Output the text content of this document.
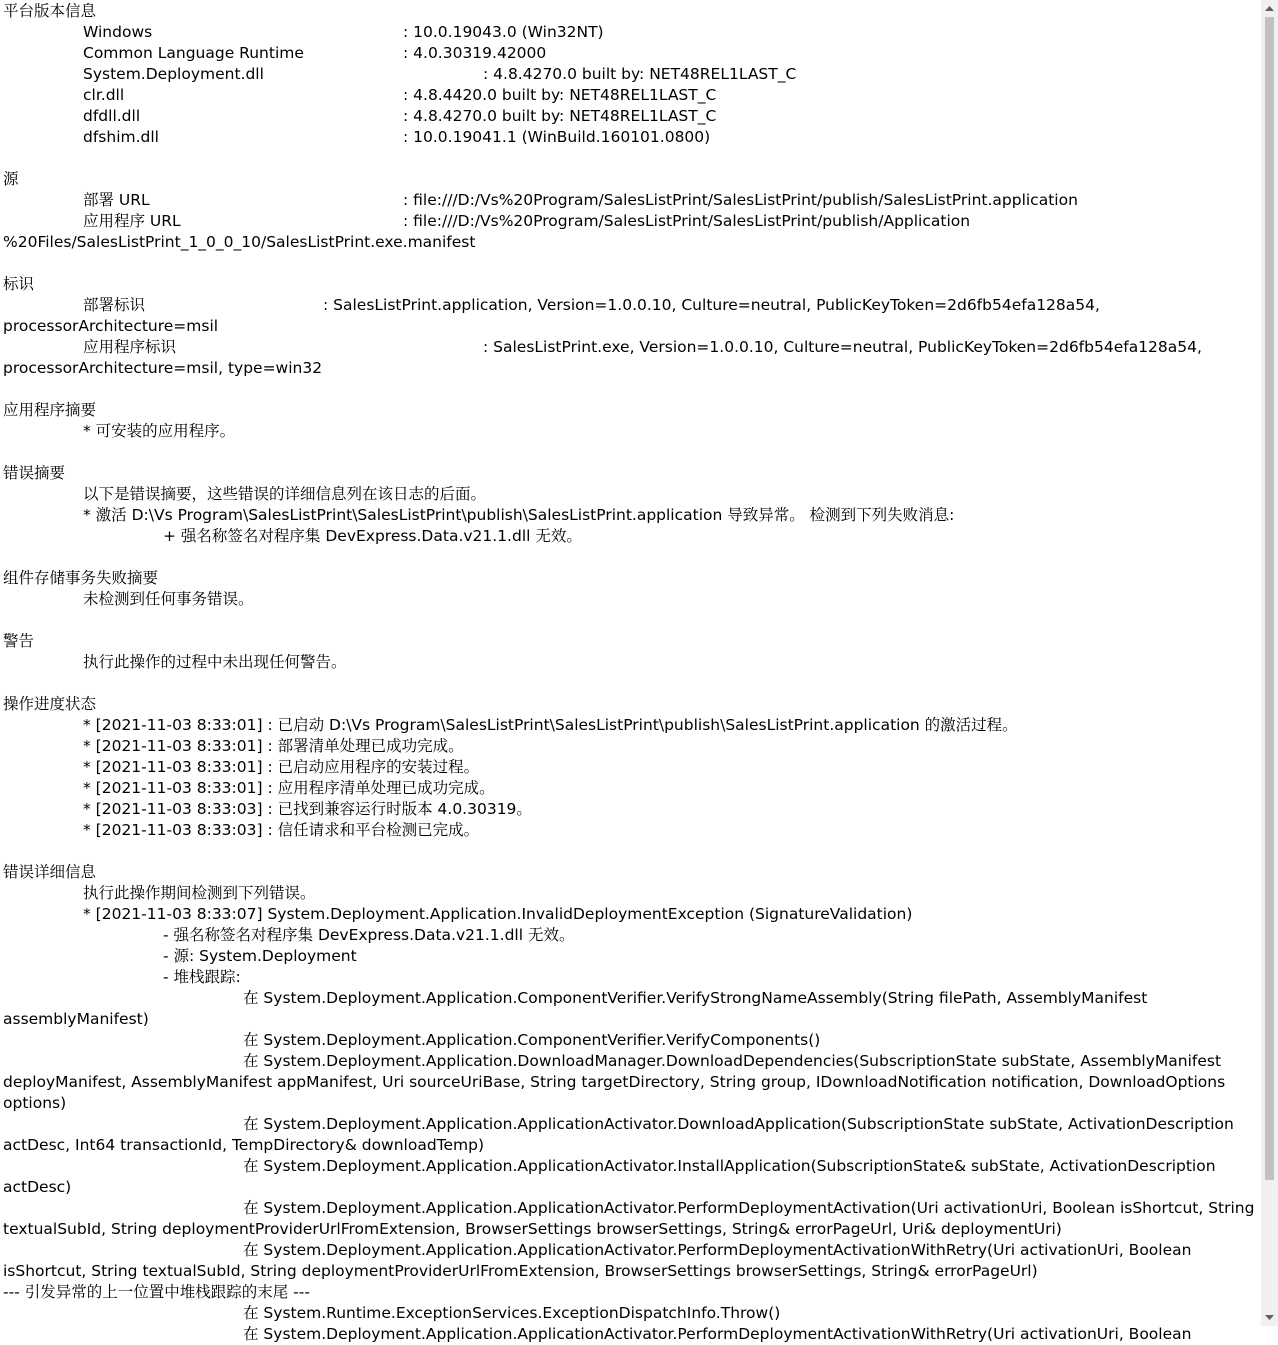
平台版本信息
	Windows				: 10.0.19043.0 (Win32NT)
	Common Language Runtime		: 4.0.30319.42000
	System.Deployment.dll			: 4.8.4270.0 built by: NET48REL1LAST_C
	clr.dll				: 4.8.4420.0 built by: NET48REL1LAST_C
	dfdll.dll				: 4.8.4270.0 built by: NET48REL1LAST_C
	dfshim.dll				: 10.0.19041.1 (WinBuild.160101.0800)
源
	部署 URL				: file:///D:/Vs%20Program/SalesListPrint/SalesListPrint/publish/SalesListPrint.application
	应用程序 URL			: file:///D:/Vs%20Program/SalesListPrint/SalesListPrint/publish/Application %20Files/SalesListPrint_1_0_0_10/SalesListPrint.exe.manifest
标识
	部署标识			: SalesListPrint.application, Version=1.0.0.10, Culture=neutral, PublicKeyToken=2d6fb54efa128a54, processorArchitecture=msil
	应用程序标识				: SalesListPrint.exe, Version=1.0.0.10, Culture=neutral, PublicKeyToken=2d6fb54efa128a54, processorArchitecture=msil, type=win32
应用程序摘要
	* 可安装的应用程序。
错误摘要
	以下是错误摘要，这些错误的详细信息列在该日志的后面。
	* 激活 D:\Vs Program\SalesListPrint\SalesListPrint\publish\SalesListPrint.application 导致异常。 检测到下列失败消息:
		+ 强名称签名对程序集 DevExpress.Data.v21.1.dll 无效。
组件存储事务失败摘要
	未检测到任何事务错误。
警告
	执行此操作的过程中未出现任何警告。
操作进度状态
	* [2021-11-03 8:33:01] : 已启动 D:\Vs Program\SalesListPrint\SalesListPrint\publish\SalesListPrint.application 的激活过程。
	* [2021-11-03 8:33:01] : 部署清单处理已成功完成。
	* [2021-11-03 8:33:01] : 已启动应用程序的安装过程。
	* [2021-11-03 8:33:01] : 应用程序清单处理已成功完成。
	* [2021-11-03 8:33:03] : 已找到兼容运行时版本 4.0.30319。
	* [2021-11-03 8:33:03] : 信任请求和平台检测已完成。
错误详细信息
	执行此操作期间检测到下列错误。
	* [2021-11-03 8:33:07] System.Deployment.Application.InvalidDeploymentException (SignatureValidation)
		- 强名称签名对程序集 DevExpress.Data.v21.1.dll 无效。
		- 源: System.Deployment
		- 堆栈跟踪:
			在 System.Deployment.Application.ComponentVerifier.VerifyStrongNameAssembly(String filePath, AssemblyManifest assemblyManifest)
			在 System.Deployment.Application.ComponentVerifier.VerifyComponents()
			在 System.Deployment.Application.DownloadManager.DownloadDependencies(SubscriptionState subState, AssemblyManifest deployManifest, AssemblyManifest appManifest, Uri sourceUriBase, String targetDirectory, String group, IDownloadNotification notification, DownloadOptions options)
			在 System.Deployment.Application.ApplicationActivator.DownloadApplication(SubscriptionState subState, ActivationDescription actDesc, Int64 transactionId, TempDirectory& downloadTemp)
			在 System.Deployment.Application.ApplicationActivator.InstallApplication(SubscriptionState& subState, ActivationDescription actDesc)
			在 System.Deployment.Application.ApplicationActivator.PerformDeploymentActivation(Uri activationUri, Boolean isShortcut, String textualSubId, String deploymentProviderUrlFromExtension, BrowserSettings browserSettings, String& errorPageUrl, Uri& deploymentUri)
			在 System.Deployment.Application.ApplicationActivator.PerformDeploymentActivationWithRetry(Uri activationUri, Boolean isShortcut, String textualSubId, String deploymentProviderUrlFromExtension, BrowserSettings browserSettings, String& errorPageUrl)
--- 引发异常的上一位置中堆栈跟踪的末尾 ---
			在 System.Runtime.ExceptionServices.ExceptionDispatchInfo.Throw()
			在 System.Deployment.Application.ApplicationActivator.PerformDeploymentActivationWithRetry(Uri activationUri, Boolean
